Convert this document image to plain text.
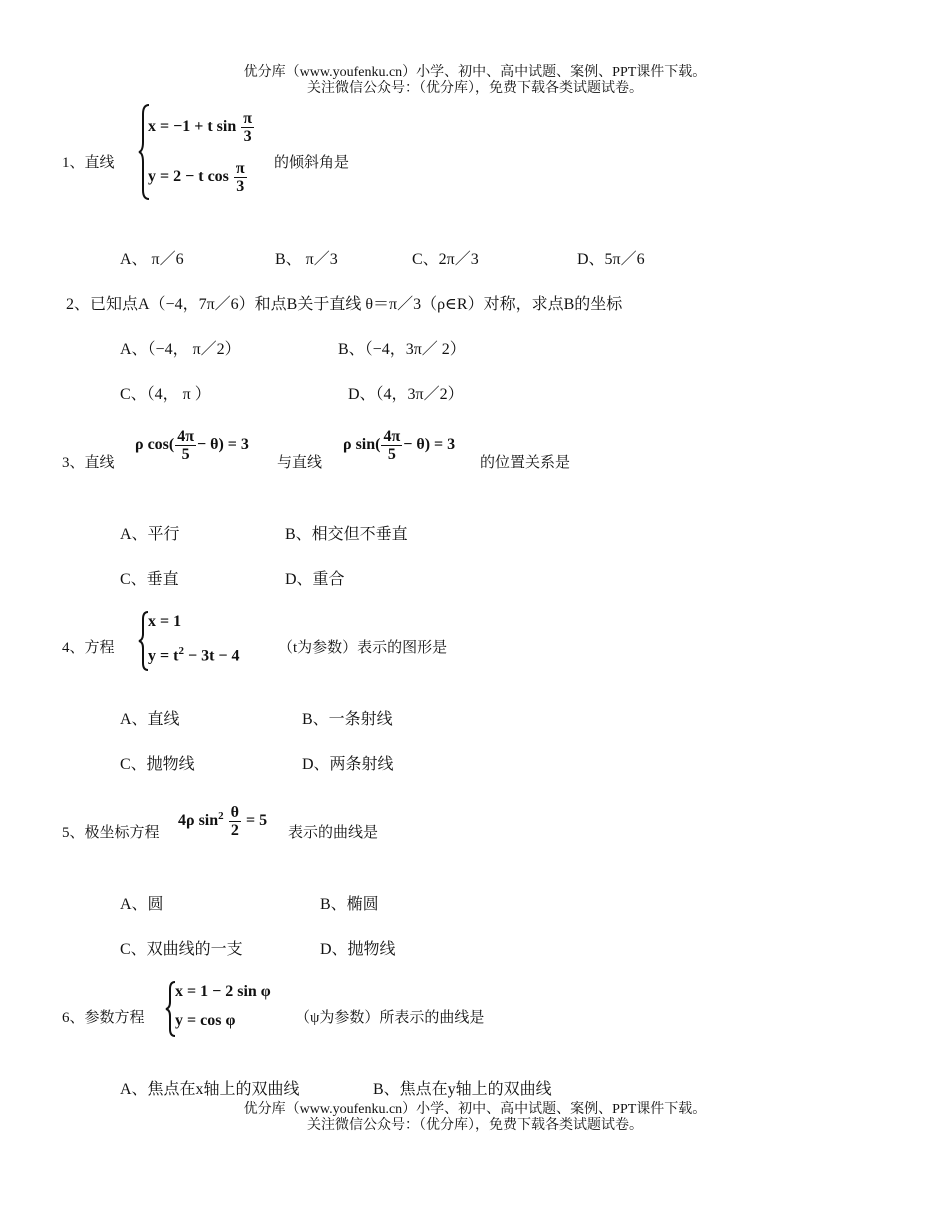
优分库（www.youfenku.cn）小学、初中、高中试题、案例、PPT课件下载。
关注微信公众号：（优分库），免费下载各类试题试卷。
1、直线
x = −1 + t $\sin \frac{\pi}{3}$
y = 2 − t $\cos \frac{\pi}{3}$ 的倾斜角是
A、 π／6	B、 π／3	C、2π／3	D、5π／6
2、已知点A（−4，7π／6）和点B关于直线 θ＝π／3（ρ∈R）对称，求点B的坐标
A、（−4， π／2）	B、（−4，3π／ 2）
C、（4， π ）	D、（4，3π／2）
3、直线
ρ $\cos( \frac{4\pi}{5} - \theta) = 3$
与直线
ρ $\sin( \frac{4\pi}{5} - \theta) = 3$
的位置关系是
A、平行	B、相交但不垂直
C、垂直	D、重合
4、方程
x = 1
$y = t^2 - 3t - 4$	（t为参数）表示的图形是
A、直线	B、一条射线
C、抛物线	D、两条射线
5、极坐标方程
4ρ $\sin^2 \frac{\theta}{2} = 5$
表示的曲线是
A、圆	B、椭圆
C、双曲线的一支	D、抛物线
6、参数方程
x = 1 − 2 sin φ
y = cos φ	（ψ为参数）所表示的曲线是
A、焦点在x轴上的双曲线	B、焦点在y轴上的双曲线
优分库（www.youfenku.cn）小学、初中、高中试题、案例、PPT课件下载。
关注微信公众号：（优分库），免费下载各类试题试卷。
